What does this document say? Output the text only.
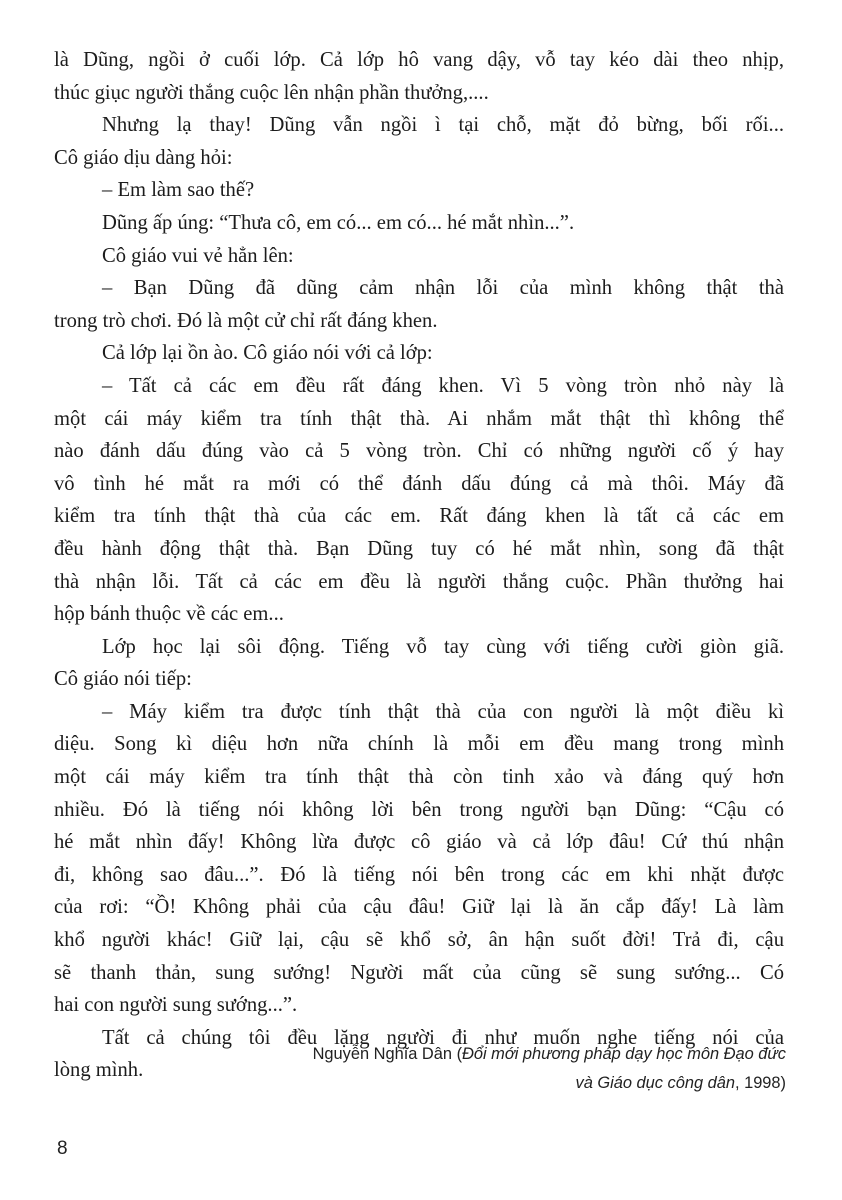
là Dũng, ngồi ở cuối lớp. Cả lớp hô vang dậy, vỗ tay kéo dài theo nhịp,

thúc giục người thắng cuộc lên nhận phần thưởng,....

Nhưng lạ thay! Dũng vẫn ngồi ì tại chỗ, mặt đỏ bừng, bối rối...

Cô giáo dịu dàng hỏi:

– Em làm sao thế?

Dũng ấp úng: “Thưa cô, em có... em có... hé mắt nhìn...”.

Cô giáo vui vẻ hẳn lên:

– Bạn Dũng đã dũng cảm nhận lỗi của mình không thật thà

trong trò chơi. Đó là một cử chỉ rất đáng khen.

Cả lớp lại ồn ào. Cô giáo nói với cả lớp:

– Tất cả các em đều rất đáng khen. Vì 5 vòng tròn nhỏ này là

một cái máy kiểm tra tính thật thà. Ai nhắm mắt thật thì không thể

nào đánh dấu đúng vào cả 5 vòng tròn. Chỉ có những người cố ý hay

vô tình hé mắt ra mới có thể đánh dấu đúng cả mà thôi. Máy đã

kiểm tra tính thật thà của các em. Rất đáng khen là tất cả các em

đều hành động thật thà. Bạn Dũng tuy có hé mắt nhìn, song đã thật

thà nhận lỗi. Tất cả các em đều là người thắng cuộc. Phần thưởng hai

hộp bánh thuộc về các em...

Lớp học lại sôi động. Tiếng vỗ tay cùng với tiếng cười giòn giã.

Cô giáo nói tiếp:

– Máy kiểm tra được tính thật thà của con người là một điều kì

diệu. Song kì diệu hơn nữa chính là mỗi em đều mang trong mình

một cái máy kiểm tra tính thật thà còn tinh xảo và đáng quý hơn

nhiều. Đó là tiếng nói không lời bên trong người bạn Dũng: “Cậu có

hé mắt nhìn đấy! Không lừa được cô giáo và cả lớp đâu! Cứ thú nhận

đi, không sao đâu...”. Đó là tiếng nói bên trong các em khi nhặt được

của rơi: “Ồ! Không phải của cậu đâu! Giữ lại là ăn cắp đấy! Là làm

khổ người khác! Giữ lại, cậu sẽ khổ sở, ân hận suốt đời! Trả đi, cậu

sẽ thanh thản, sung sướng! Người mất của cũng sẽ sung sướng... Có

hai con người sung sướng...”.

Tất cả chúng tôi đều lặng người đi như muốn nghe tiếng nói của

lòng mình.

Nguyễn Nghĩa Dân (Đổi mới phương pháp dạy học môn Đạo đức
và Giáo dục công dân, 1998)
8
